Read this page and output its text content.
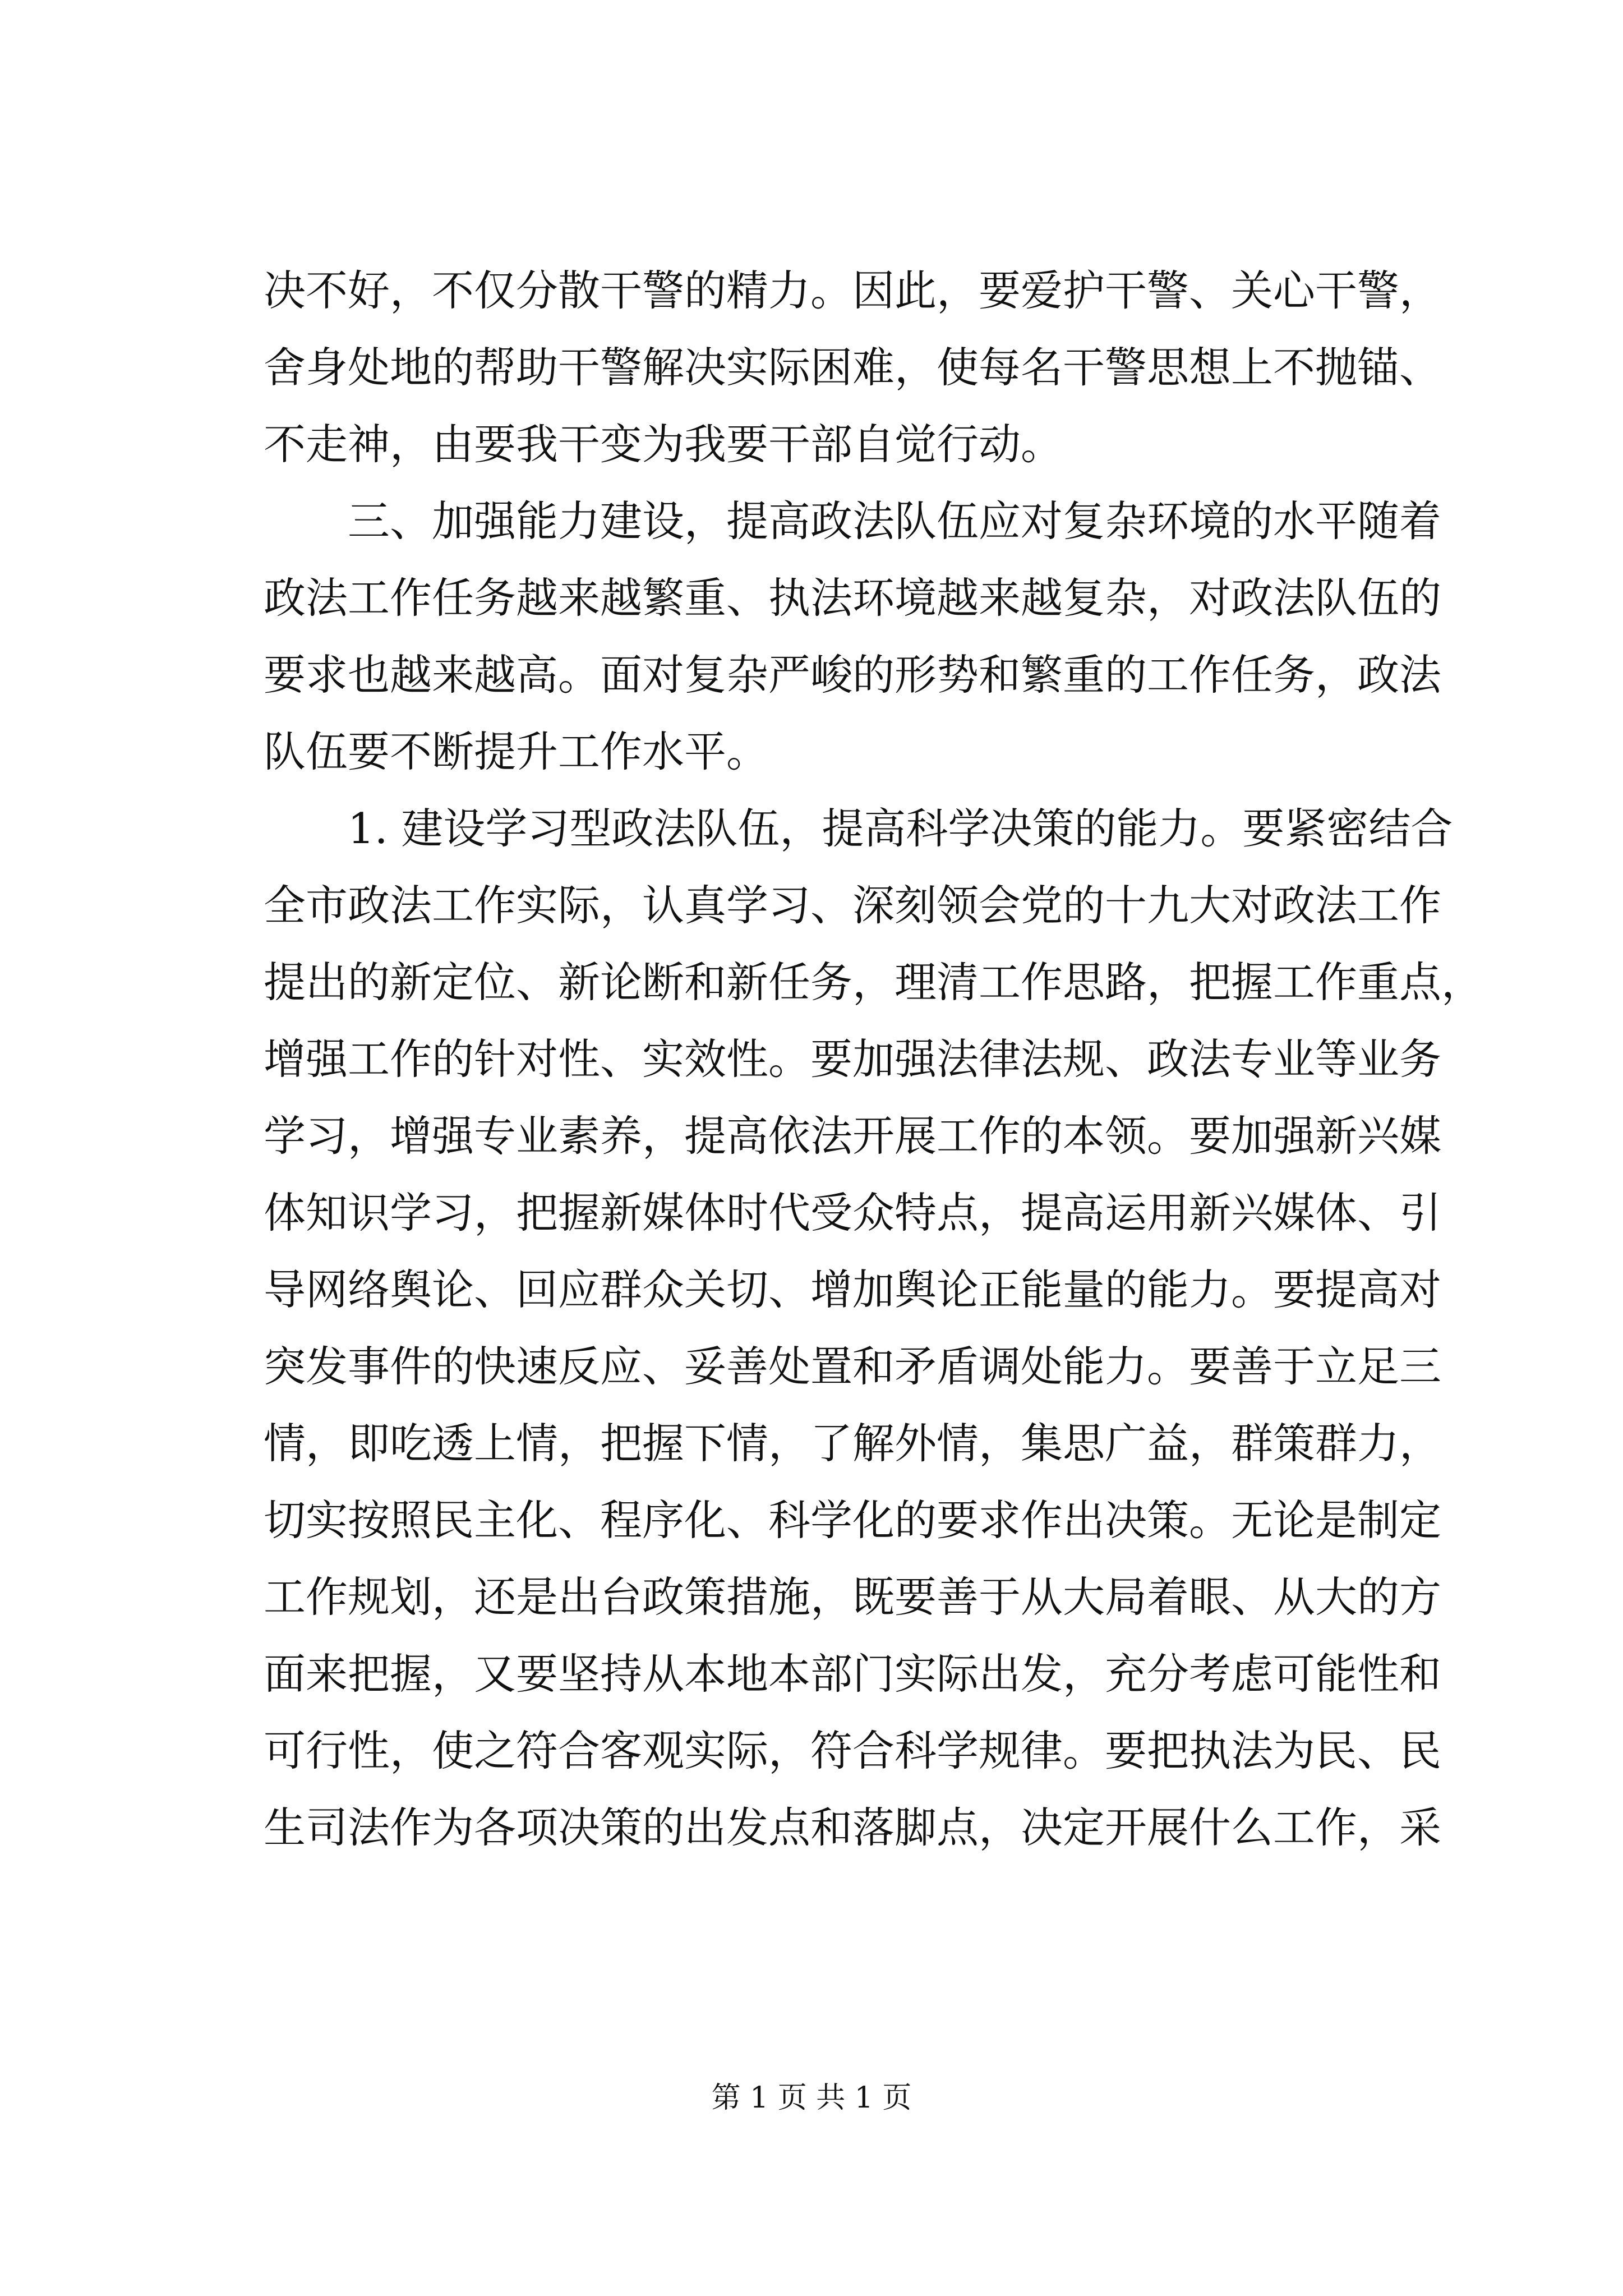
决不好，不仅分散干警的精力。因此，要爱护干警、关心干警，
舍身处地的帮助干警解决实际困难，使每名干警思想上不抛锚、
不走神，由要我干变为我要干部自觉行动。
三、加强能力建设，提高政法队伍应对复杂环境的水平随着
政法工作任务越来越繁重、执法环境越来越复杂，对政法队伍的
要求也越来越高。面对复杂严峻的形势和繁重的工作任务，政法
队伍要不断提升工作水平。
1. 建设学习型政法队伍，提高科学决策的能力。要紧密结合
全市政法工作实际，认真学习、深刻领会党的十九大对政法工作
提出的新定位、新论断和新任务，理清工作思路，把握工作重点，
增强工作的针对性、实效性。要加强法律法规、政法专业等业务
学习，增强专业素养，提高依法开展工作的本领。要加强新兴媒
体知识学习，把握新媒体时代受众特点，提高运用新兴媒体、引
导网络舆论、回应群众关切、增加舆论正能量的能力。要提高对
突发事件的快速反应、妥善处置和矛盾调处能力。要善于立足三
情，即吃透上情，把握下情，了解外情，集思广益，群策群力，
切实按照民主化、程序化、科学化的要求作出决策。无论是制定
工作规划，还是出台政策措施，既要善于从大局着眼、从大的方
面来把握，又要坚持从本地本部门实际出发，充分考虑可能性和
可行性，使之符合客观实际，符合科学规律。要把执法为民、民
生司法作为各项决策的出发点和落脚点，决定开展什么工作，采
第 1 页 共 1 页
